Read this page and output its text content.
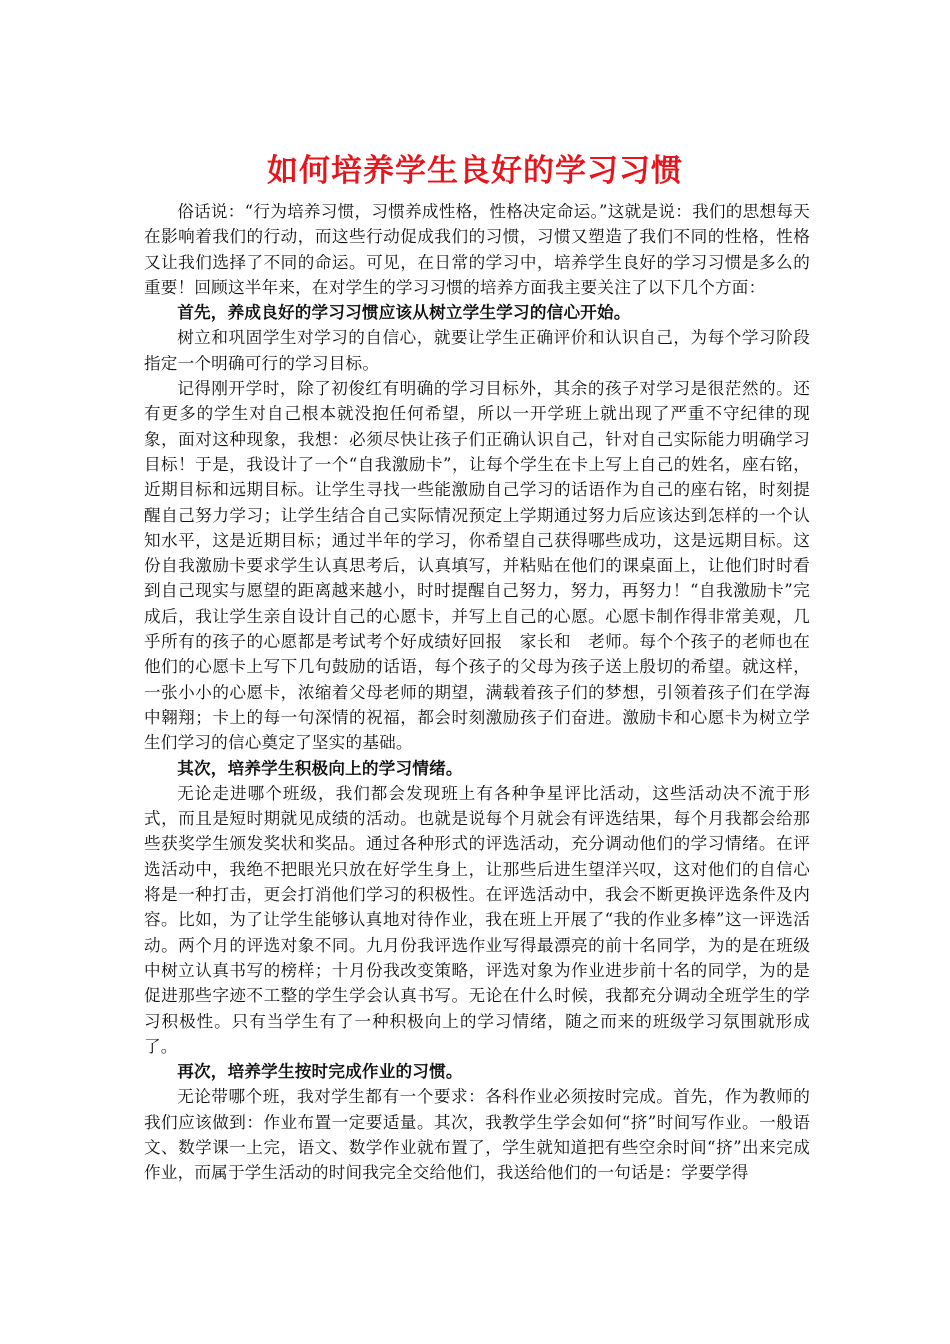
如何培养学生良好的学习习惯

俗话说：“行为培养习惯，习惯养成性格，性格决定命运。”这就是说：我们的思想每天在影响着我们的行动，而这些行动促成我们的习惯，习惯又塑造了我们不同的性格，性格又让我们选择了不同的命运。可见，在日常的学习中，培养学生良好的学习习惯是多么的重要！回顾这半年来，在对学生的学习习惯的培养方面我主要关注了以下几个方面：

首先，养成良好的学习习惯应该从树立学生学习的信心开始。

树立和巩固学生对学习的自信心，就要让学生正确评价和认识自己，为每个学习阶段指定一个明确可行的学习目标。

记得刚开学时，除了初俊红有明确的学习目标外，其余的孩子对学习是很茫然的。还有更多的学生对自己根本就没抱任何希望，所以一开学班上就出现了严重不守纪律的现象，面对这种现象，我想：必须尽快让孩子们正确认识自己，针对自己实际能力明确学习目标！于是，我设计了一个“自我激励卡”，让每个学生在卡上写上自己的姓名，座右铭，近期目标和远期目标。让学生寻找一些能激励自己学习的话语作为自己的座右铭，时刻提醒自己努力学习；让学生结合自己实际情况预定上学期通过努力后应该达到怎样的一个认知水平，这是近期目标；通过半年的学习，你希望自己获得哪些成功，这是远期目标。这份自我激励卡要求学生认真思考后，认真填写，并粘贴在他们的课桌面上，让他们时时看到自己现实与愿望的距离越来越小，时时提醒自己努力，努力，再努力！“自我激励卡”完成后，我让学生亲自设计自己的心愿卡，并写上自己的心愿。心愿卡制作得非常美观，几乎所有的孩子的心愿都是考试考个好成绩好回报　家长和　老师。每个个孩子的老师也在他们的心愿卡上写下几句鼓励的话语，每个孩子的父母为孩子送上殷切的希望。就这样，一张小小的心愿卡，浓缩着父母老师的期望，满载着孩子们的梦想，引领着孩子们在学海中翱翔；卡上的每一句深情的祝福，都会时刻激励孩子们奋进。激励卡和心愿卡为树立学生们学习的信心奠定了坚实的基础。

其次，培养学生积极向上的学习情绪。

无论走进哪个班级，我们都会发现班上有各种争星评比活动，这些活动决不流于形式，而且是短时期就见成绩的活动。也就是说每个月就会有评选结果，每个月我都会给那些获奖学生颁发奖状和奖品。通过各种形式的评选活动，充分调动他们的学习情绪。在评选活动中，我绝不把眼光只放在好学生身上，让那些后进生望洋兴叹，这对他们的自信心将是一种打击，更会打消他们学习的积极性。在评选活动中，我会不断更换评选条件及内容。比如，为了让学生能够认真地对待作业，我在班上开展了“我的作业多棒”这一评选活动。两个月的评选对象不同。九月份我评选作业写得最漂亮的前十名同学，为的是在班级中树立认真书写的榜样；十月份我改变策略，评选对象为作业进步前十名的同学，为的是促进那些字迹不工整的学生学会认真书写。无论在什么时候，我都充分调动全班学生的学习积极性。只有当学生有了一种积极向上的学习情绪，随之而来的班级学习氛围就形成了。

再次，培养学生按时完成作业的习惯。

无论带哪个班，我对学生都有一个要求：各科作业必须按时完成。首先，作为教师的我们应该做到：作业布置一定要适量。其次，我教学生学会如何“挤”时间写作业。一般语文、数学课一上完，语文、数学作业就布置了，学生就知道把有些空余时间“挤”出来完成作业，而属于学生活动的时间我完全交给他们，我送给他们的一句话是：学要学得
